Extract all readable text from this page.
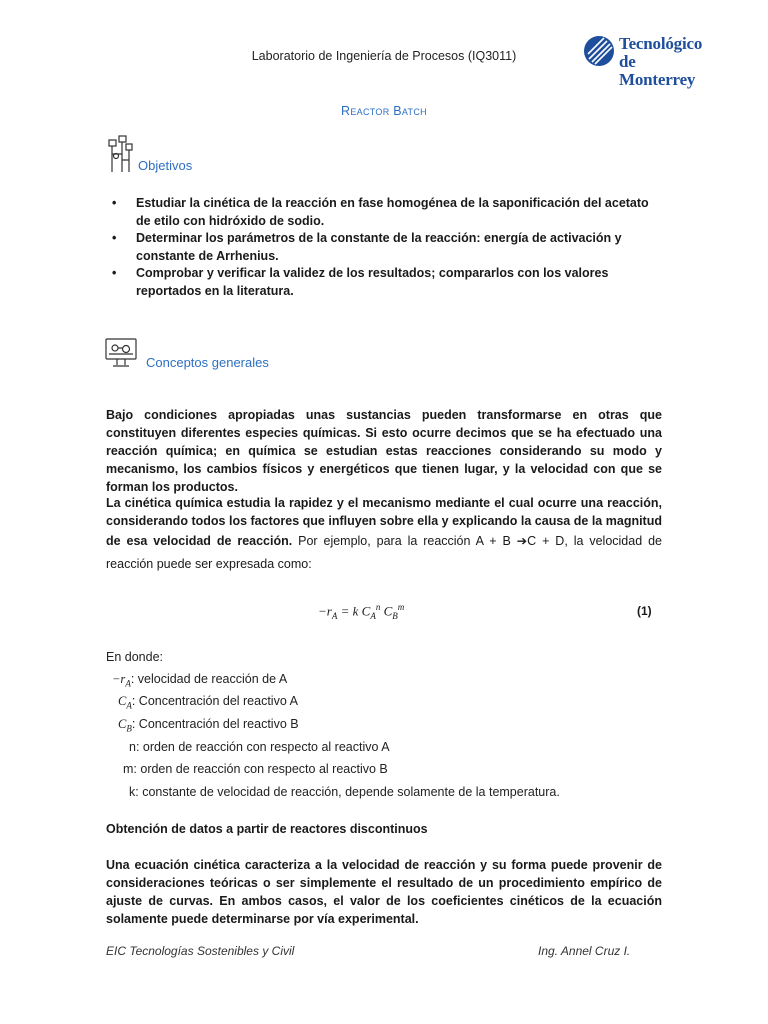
Laboratorio de Ingeniería de Procesos (IQ3011)
Tecnológico
de Monterrey
Reactor Batch
Objetivos
• Estudiar la cinética de la reacción en fase homogénea de la saponificación del acetato de etilo con hidróxido de sodio.
• Determinar los parámetros de la constante de la reacción: energía de activación y constante de Arrhenius.
• Comprobar y verificar la validez de los resultados; compararlos con los valores reportados en la literatura.
Conceptos generales
Bajo condiciones apropiadas unas sustancias pueden transformarse en otras que constituyen diferentes especies químicas. Si esto ocurre decimos que se ha efectuado una reacción química; en química se estudian estas reacciones considerando su modo y mecanismo, los cambios físicos y energéticos que tienen lugar, y la velocidad con que se forman los productos.
La cinética química estudia la rapidez y el mecanismo mediante el cual ocurre una reacción, considerando todos los factores que influyen sobre ella y explicando la causa de la magnitud de esa velocidad de reacción. Por ejemplo, para la reacción A + B ➔C + D, la velocidad de reacción puede ser expresada como:
$-r_A = k$ $C_A^n$ $C_B^m$	(1)
En donde:
$-r_A$: velocidad de reacción de A
$C_A$: Concentración del reactivo A
$C_B$: Concentración del reactivo B
n: orden de reacción con respecto al reactivo A
m: orden de reacción con respecto al reactivo B
k: constante de velocidad de reacción, depende solamente de la temperatura.
Obtención de datos a partir de reactores discontinuos
Una ecuación cinética caracteriza a la velocidad de reacción y su forma puede provenir de consideraciones teóricas o ser simplemente el resultado de un procedimiento empírico de ajuste de curvas. En ambos casos, el valor de los coeficientes cinéticos de la ecuación solamente puede determinarse por vía experimental.
EIC Tecnologías Sostenibles y Civil	Ing. Annel Cruz I.
